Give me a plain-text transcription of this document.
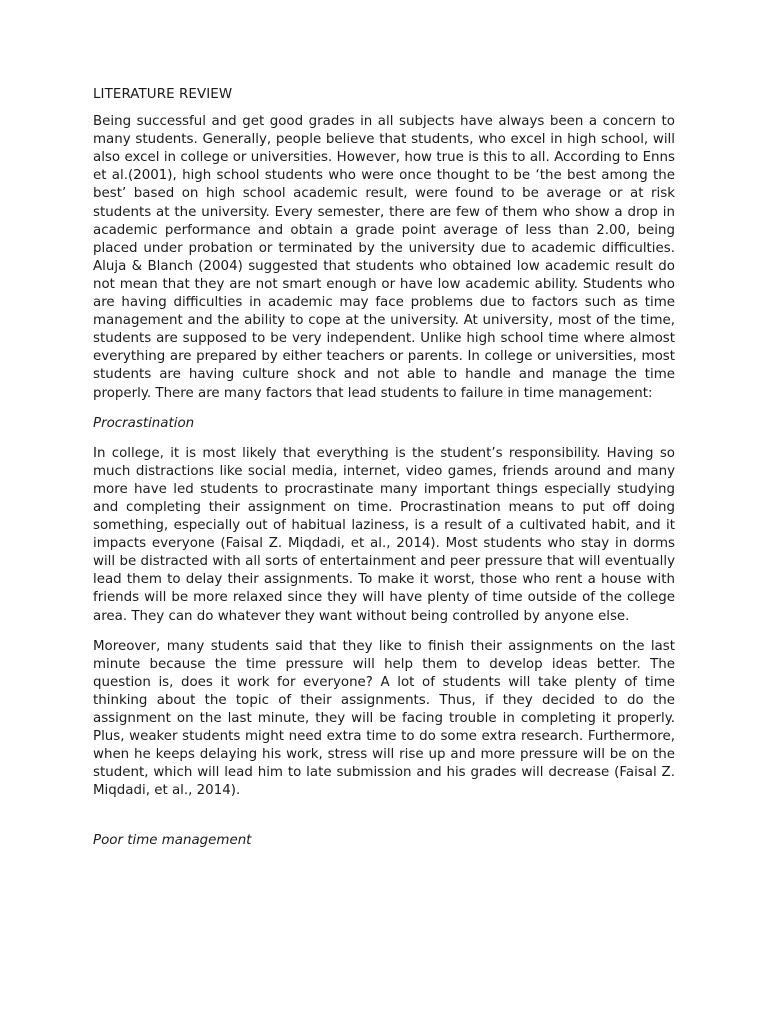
LITERATURE REVIEW

Being successful and get good grades in all subjects have always been a concern to many students. Generally, people believe that students, who excel in high school, will also excel in college or universities. However, how true is this to all. According to Enns et al.(2001), high school students who were once thought to be ‘the best among the best’ based on high school academic result, were found to be average or at risk students at the university. Every semester, there are few of them who show a drop in academic performance and obtain a grade point average of less than 2.00, being placed under probation or terminated by the university due to academic difficulties. Aluja & Blanch (2004) suggested that students who obtained low academic result do not mean that they are not smart enough or have low academic ability. Students who are having difficulties in academic may face problems due to factors such as time management and the ability to cope at the university. At university, most of the time, students are supposed to be very independent. Unlike high school time where almost everything are prepared by either teachers or parents. In college or universities, most students are having culture shock and not able to handle and manage the time properly. There are many factors that lead students to failure in time management:

Procrastination

In college, it is most likely that everything is the student’s responsibility. Having so much distractions like social media, internet, video games, friends around and many more have led students to procrastinate many important things especially studying and completing their assignment on time. Procrastination means to put off doing something, especially out of habitual laziness, is a result of a cultivated habit, and it impacts everyone (Faisal Z. Miqdadi, et al., 2014). Most students who stay in dorms will be distracted with all sorts of entertainment and peer pressure that will eventually lead them to delay their assignments. To make it worst, those who rent a house with friends will be more relaxed since they will have plenty of time outside of the college area. They can do whatever they want without being controlled by anyone else.

Moreover, many students said that they like to finish their assignments on the last minute because the time pressure will help them to develop ideas better. The question is, does it work for everyone? A lot of students will take plenty of time thinking about the topic of their assignments. Thus, if they decided to do the assignment on the last minute, they will be facing trouble in completing it properly. Plus, weaker students might need extra time to do some extra research. Furthermore, when he keeps delaying his work, stress will rise up and more pressure will be on the student, which will lead him to late submission and his grades will decrease (Faisal Z. Miqdadi, et al., 2014).

Poor time management
